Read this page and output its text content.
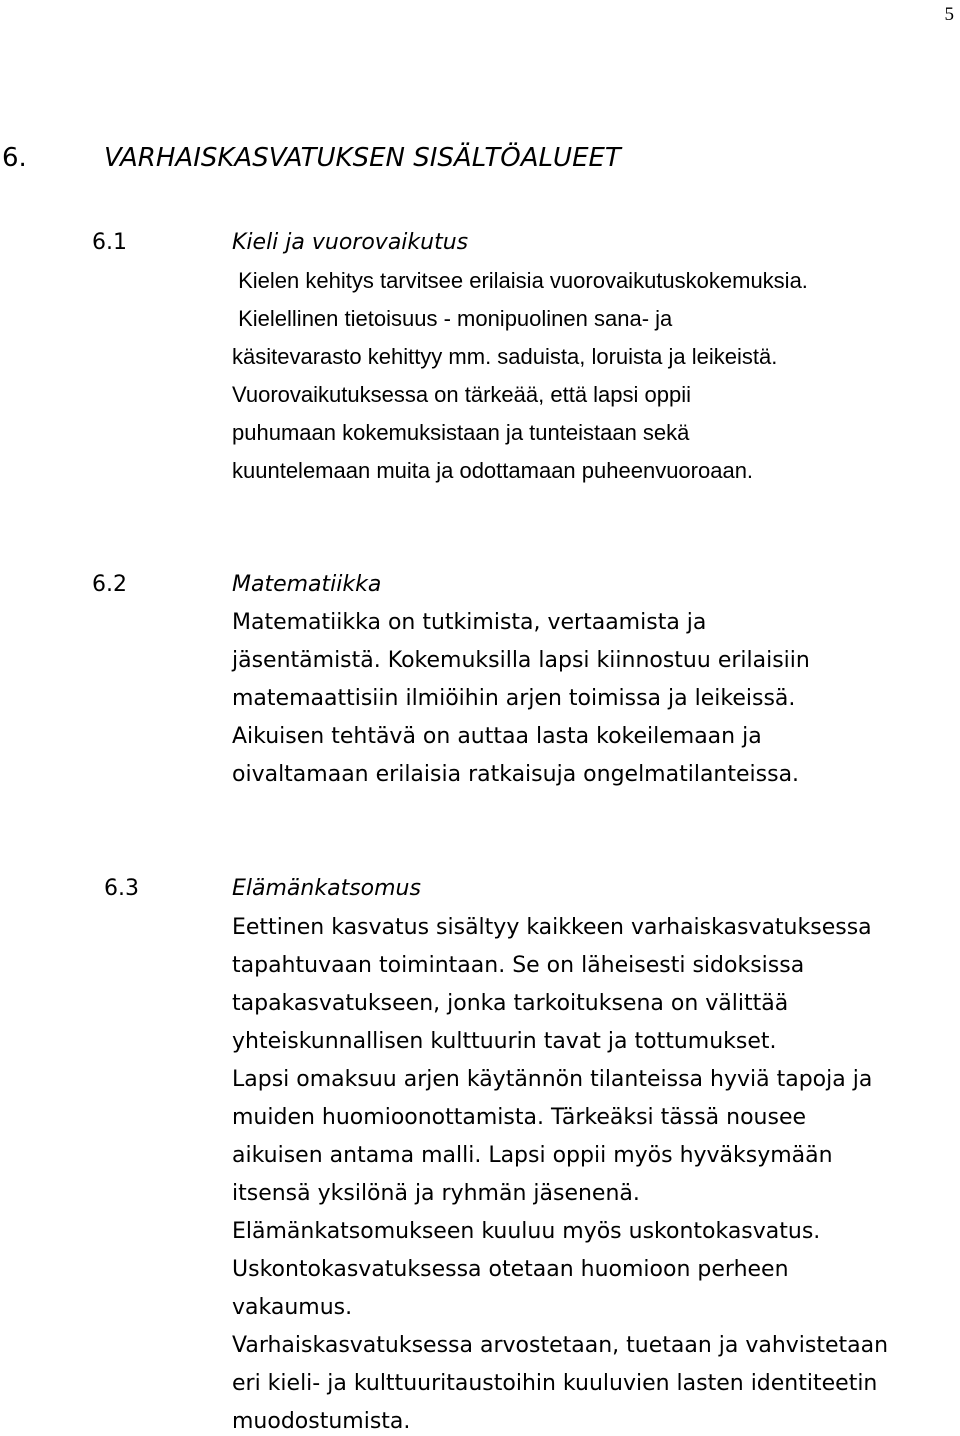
5
6.	VARHAISKASVATUKSEN SISÄLTÖALUEET
6.1	Kieli ja vuorovaikutus
Kielen kehitys tarvitsee erilaisia vuorovaikutuskokemuksia.
Kielellinen tietoisuus - monipuolinen sana- ja
käsitevarasto kehittyy mm. saduista, loruista ja leikeistä.
Vuorovaikutuksessa on tärkeää, että lapsi oppii
puhumaan kokemuksistaan ja tunteistaan sekä
kuuntelemaan muita ja odottamaan puheenvuoroaan.
6.2	Matematiikka
Matematiikka on tutkimista, vertaamista ja
jäsentämistä. Kokemuksilla lapsi kiinnostuu erilaisiin
matemaattisiin ilmiöihin arjen toimissa ja leikeissä.
Aikuisen tehtävä on auttaa lasta kokeilemaan ja
oivaltamaan erilaisia ratkaisuja ongelmatilanteissa.
6.3	Elämänkatsomus
Eettinen kasvatus sisältyy kaikkeen varhaiskasvatuksessa
tapahtuvaan toimintaan. Se on läheisesti sidoksissa
tapakasvatukseen, jonka tarkoituksena on välittää
yhteiskunnallisen kulttuurin tavat ja tottumukset.
Lapsi omaksuu arjen käytännön tilanteissa hyviä tapoja ja
muiden huomioonottamista. Tärkeäksi tässä nousee
aikuisen antama malli. Lapsi oppii myös hyväksymään
itsensä yksilönä ja ryhmän jäsenenä.
Elämänkatsomukseen kuuluu myös uskontokasvatus.
Uskontokasvatuksessa otetaan huomioon perheen
vakaumus.
Varhaiskasvatuksessa arvostetaan, tuetaan ja vahvistetaan
eri kieli- ja kulttuuritaustoihin kuuluvien lasten identiteetin
muodostumista.
